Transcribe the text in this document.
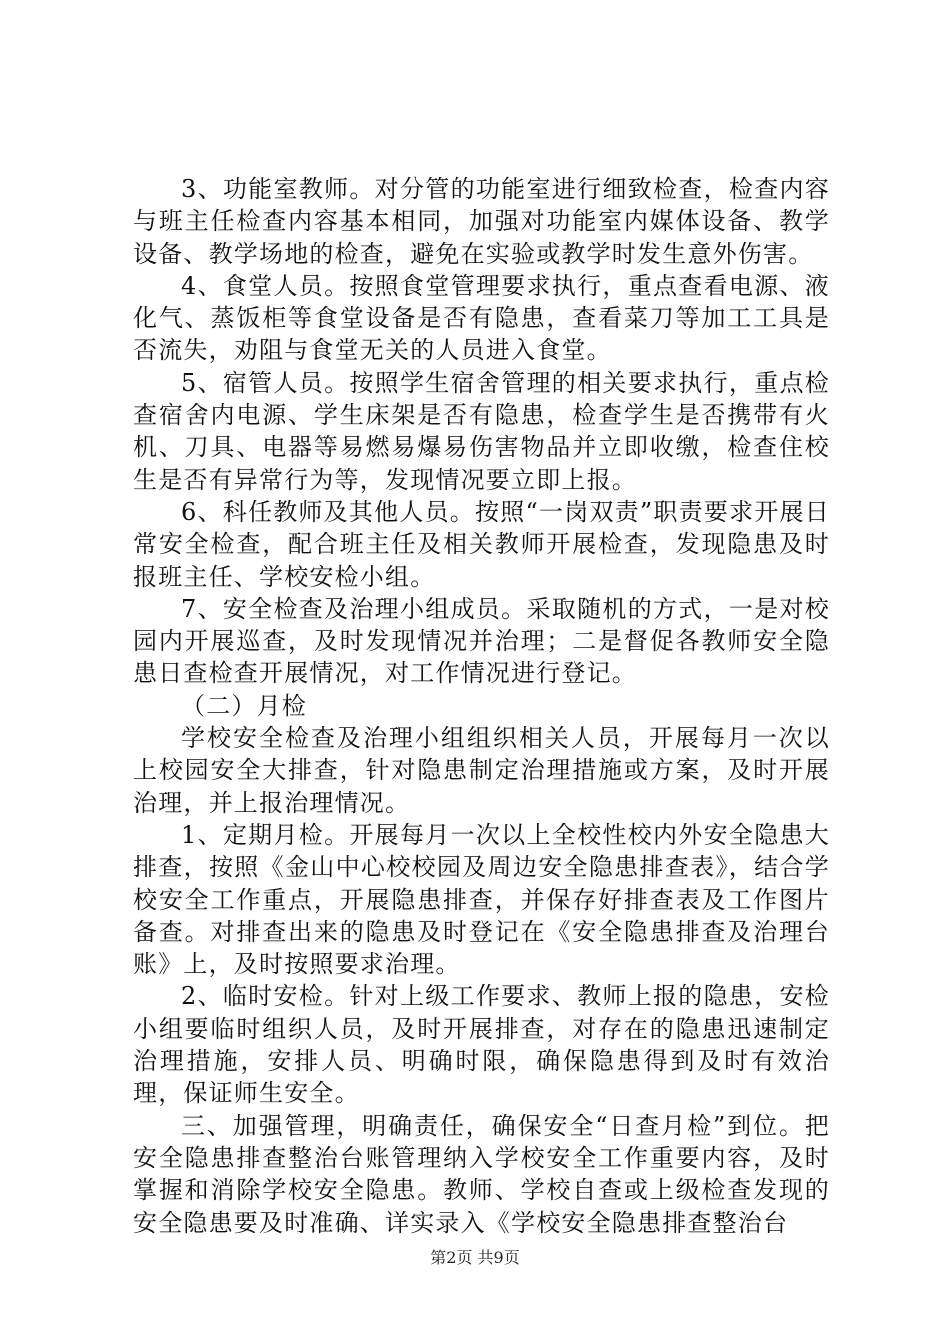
3、功能室教师。对分管的功能室进行细致检查，检查内容与班主任检查内容基本相同，加强对功能室内媒体设备、教学设备、教学场地的检查，避免在实验或教学时发生意外伤害。

4、食堂人员。按照食堂管理要求执行，重点查看电源、液化气、蒸饭柜等食堂设备是否有隐患，查看菜刀等加工工具是否流失，劝阻与食堂无关的人员进入食堂。

5、宿管人员。按照学生宿舍管理的相关要求执行，重点检查宿舍内电源、学生床架是否有隐患，检查学生是否携带有火机、刀具、电器等易燃易爆易伤害物品并立即收缴，检查住校生是否有异常行为等，发现情况要立即上报。

6、科任教师及其他人员。按照“一岗双责”职责要求开展日常安全检查，配合班主任及相关教师开展检查，发现隐患及时报班主任、学校安检小组。

7、安全检查及治理小组成员。采取随机的方式，一是对校园内开展巡查，及时发现情况并治理；二是督促各教师安全隐患日查检查开展情况，对工作情况进行登记。

（二）月检

学校安全检查及治理小组组织相关人员，开展每月一次以上校园安全大排查，针对隐患制定治理措施或方案，及时开展治理，并上报治理情况。

1、定期月检。开展每月一次以上全校性校内外安全隐患大排查，按照《金山中心校校园及周边安全隐患排查表》，结合学校安全工作重点，开展隐患排查，并保存好排查表及工作图片备查。对排查出来的隐患及时登记在《安全隐患排查及治理台账》上，及时按照要求治理。

2、临时安检。针对上级工作要求、教师上报的隐患，安检小组要临时组织人员，及时开展排查，对存在的隐患迅速制定治理措施，安排人员、明确时限，确保隐患得到及时有效治理，保证师生安全。

三、加强管理，明确责任，确保安全“日查月检”到位。把安全隐患排查整治台账管理纳入学校安全工作重要内容，及时掌握和消除学校安全隐患。教师、学校自查或上级检查发现的安全隐患要及时准确、详实录入《学校安全隐患排查整治台

第2页 共9页
